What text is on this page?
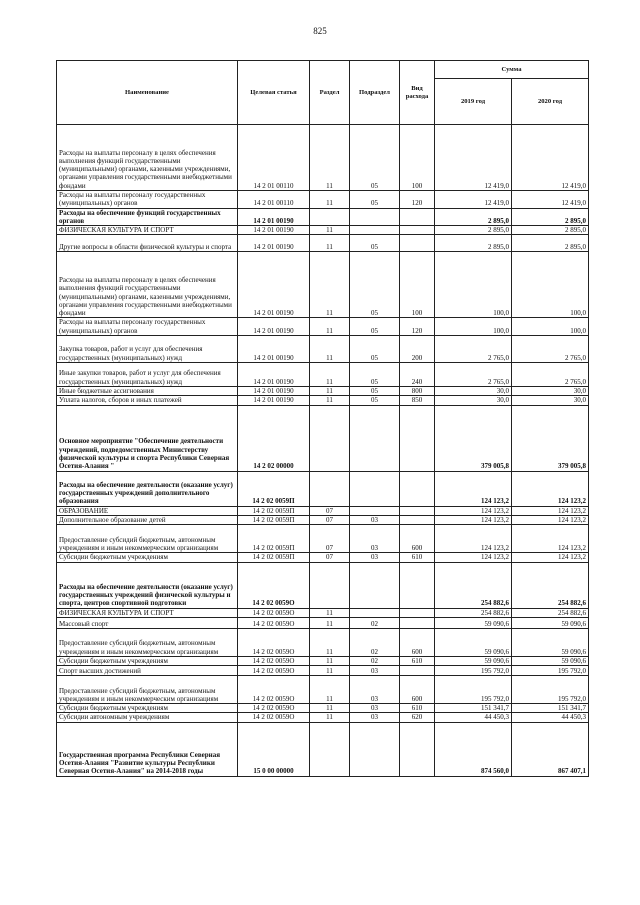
825
Наименование	Целевая статья	Раздел	Подраздел	Вид расхода	Сумма	
					2019 год	2020 год
Расходы на выплаты персоналу в целях обеспечения выполнения функций государственными (муниципальными) органами, казенными учреждениями, органами управления государственными внебюджетными фондами	14 2 01 00110	11	05	100	12 419,0	12 419,0
Расходы на выплаты персоналу государственных (муниципальных) органов	14 2 01 00110	11	05	120	12 419,0	12 419,0
Расходы на обеспечение функций государственных органов	14 2 01 00190				2 895,0	2 895,0
ФИЗИЧЕСКАЯ КУЛЬТУРА И СПОРТ	14 2 01 00190	11			2 895,0	2 895,0
Другие вопросы в области физической культуры и спорта	14 2 01 00190	11	05		2 895,0	2 895,0
Расходы на выплаты персоналу в целях обеспечения выполнения функций государственными (муниципальными) органами, казенными учреждениями, органами управления государственными внебюджетными фондами	14 2 01 00190	11	05	100	100,0	100,0
Расходы на выплаты персоналу государственных (муниципальных) органов	14 2 01 00190	11	05	120	100,0	100,0
Закупка товаров, работ и услуг для обеспечения государственных (муниципальных) нужд	14 2 01 00190	11	05	200	2 765,0	2 765,0
Иные закупки товаров, работ и услуг для обеспечения государственных (муниципальных) нужд	14 2 01 00190	11	05	240	2 765,0	2 765,0
Иные бюджетные ассигнования	14 2 01 00190	11	05	800	30,0	30,0
Уплата налогов, сборов и иных платежей	14 2 01 00190	11	05	850	30,0	30,0
Основное мероприятие "Обеспечение деятельности учреждений, подведомственных Министерству физической культуры и спорта Республики Северная Осетия-Алания "	14 2 02 00000				379 005,8	379 005,8
Расходы на обеспечение деятельности (оказание услуг) государственных учреждений дополнительного образования	14 2 02 0059П				124 123,2	124 123,2
ОБРАЗОВАНИЕ	14 2 02 0059П	07			124 123,2	124 123,2
Дополнительное образование детей	14 2 02 0059П	07	03		124 123,2	124 123,2
Предоставление субсидий бюджетным, автономным учреждениям и иным некоммерческим организациям	14 2 02 0059П	07	03	600	124 123,2	124 123,2
Субсидии бюджетным учреждениям	14 2 02 0059П	07	03	610	124 123,2	124 123,2
Расходы на обеспечение деятельности (оказание услуг) государственных учреждений физической культуры и спорта, центров спортивной подготовки	14 2 02 0059О				254 882,6	254 882,6
ФИЗИЧЕСКАЯ КУЛЬТУРА И СПОРТ	14 2 02 0059О	11			254 882,6	254 882,6
Массовый спорт	14 2 02 0059О	11	02		59 090,6	59 090,6
Предоставление субсидий бюджетным, автономным учреждениям и иным некоммерческим организациям	14 2 02 0059О	11	02	600	59 090,6	59 090,6
Субсидии бюджетным учреждениям	14 2 02 0059О	11	02	610	59 090,6	59 090,6
Спорт высших достижений	14 2 02 0059О	11	03		195 792,0	195 792,0
Предоставление субсидий бюджетным, автономным учреждениям и иным некоммерческим организациям	14 2 02 0059О	11	03	600	195 792,0	195 792,0
Субсидии бюджетным учреждениям	14 2 02 0059О	11	03	610	151 341,7	151 341,7
Субсидии автономным учреждениям	14 2 02 0059О	11	03	620	44 450,3	44 450,3
Государственная программа Республики Северная Осетия-Алания "Развитие культуры Республики Северная Осетия-Алания" на 2014-2018 годы	15 0 00 00000				874 560,0	867 407,1
